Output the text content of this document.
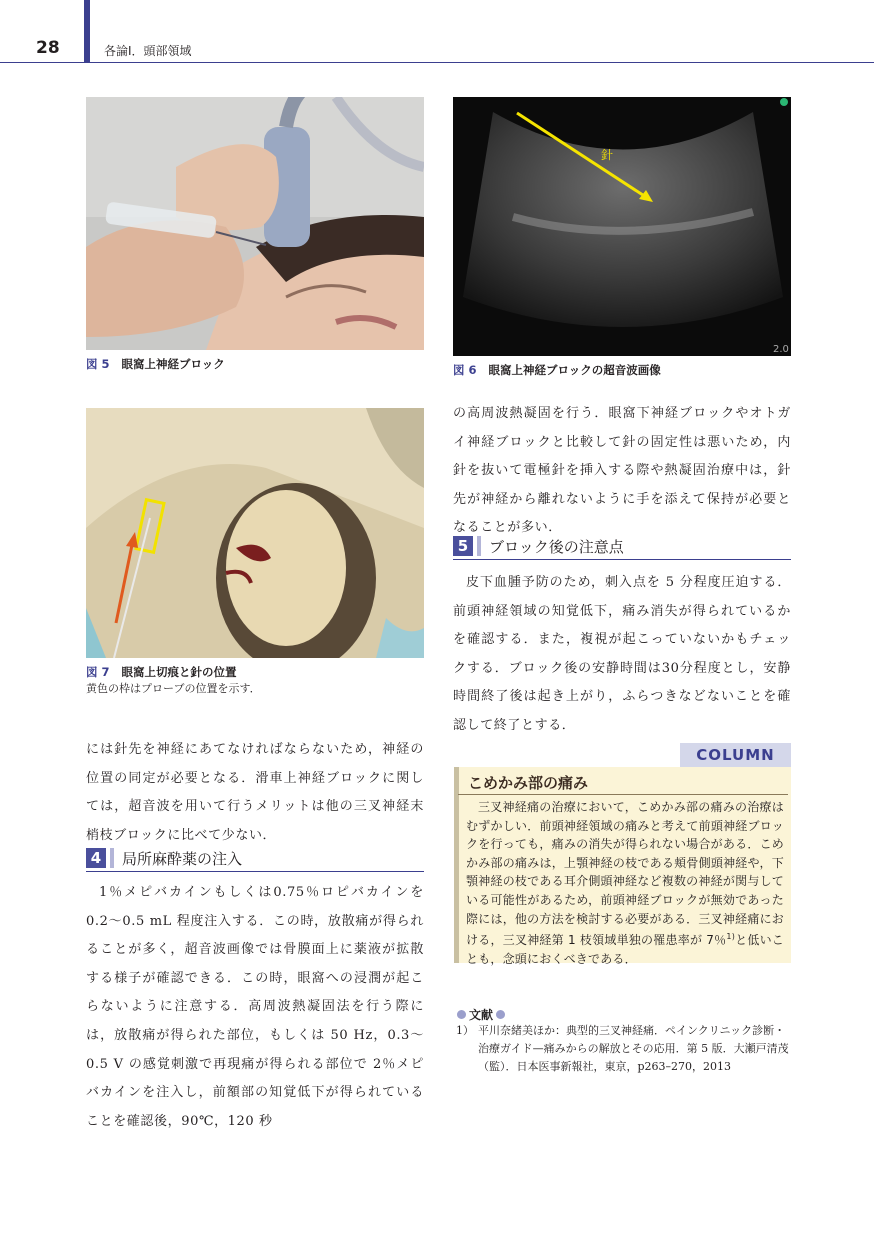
28	各論Ⅰ．頭部領域
図 5 眼窩上神経ブロック
針
2.0
図 6 眼窩上神経ブロックの超音波画像
図 7 眼窩上切痕と針の位置
黄色の枠はプローブの位置を示す．

には針先を神経にあてなければならないため，神経の位置の同定が必要となる．滑車上神経ブロックに関しては，超音波を用いて行うメリットは他の三叉神経末梢枝ブロックに比べて少ない．

4	局所麻酔薬の注入

1％メピバカインもしくは0.75％ロピバカインを 0.2〜0.5 mL 程度注入する．この時，放散痛が得られることが多く，超音波画像では骨膜面上に薬液が拡散する様子が確認できる．この時，眼窩への浸潤が起こらないように注意する．高周波熱凝固法を行う際には，放散痛が得られた部位，もしくは 50 Hz，0.3〜0.5 V の感覚刺激で再現痛が得られる部位で 2％メピバカインを注入し，前額部の知覚低下が得られていることを確認後，90℃，120 秒

の高周波熱凝固を行う．眼窩下神経ブロックやオトガイ神経ブロックと比較して針の固定性は悪いため，内針を抜いて電極針を挿入する際や熱凝固治療中は，針先が神経から離れないように手を添えて保持が必要となることが多い．

5	ブロック後の注意点

皮下血腫予防のため，刺入点を 5 分程度圧迫する．前頭神経領域の知覚低下，痛み消失が得られているかを確認する．また，複視が起こっていないかもチェックする．ブロック後の安静時間は30分程度とし，安静時間終了後は起き上がり，ふらつきなどないことを確認して終了とする．

COLUMN
こめかみ部の痛み

三叉神経痛の治療において，こめかみ部の痛みの治療はむずかしい．前頭神経領域の痛みと考えて前頭神経ブロックを行っても，痛みの消失が得られない場合がある．こめかみ部の痛みは，上顎神経の枝である頬骨側頭神経や，下顎神経の枝である耳介側頭神経など複数の神経が関与している可能性があるため，前頭神経ブロックが無効であった際には，他の方法を検討する必要がある．三叉神経痛における，三叉神経第 1 枝領域単独の罹患率が 7％$^{1)}$と低いことも，念頭におくべきである．

文献
1） 平川奈緒美ほか：典型的三叉神経痛．ペインクリニック診断・治療ガイド—痛みからの解放とその応用．第 5 版．大瀬戸清茂（監）．日本医事新報社，東京，p263–270，2013
